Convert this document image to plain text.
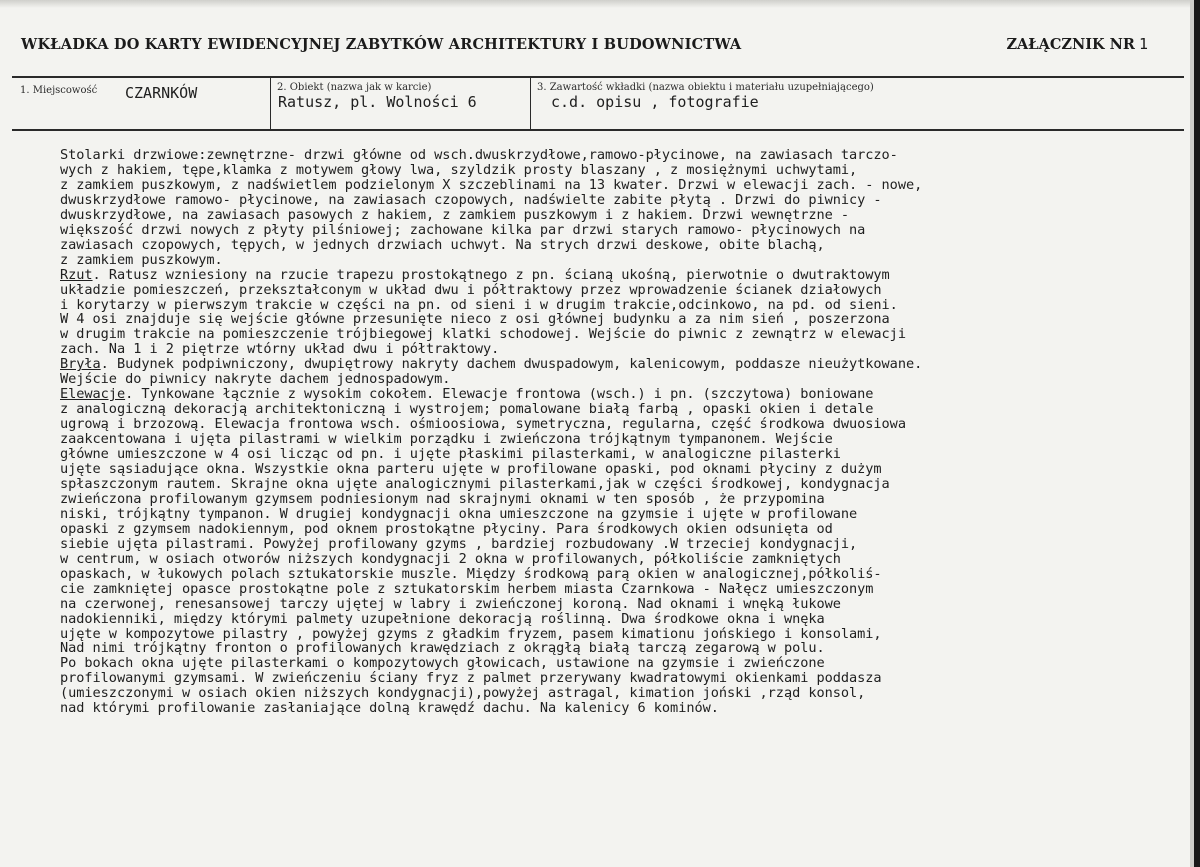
WKŁADKA DO KARTY EWIDENCYJNEJ ZABYTKÓW ARCHITEKTURY I BUDOWNICTWA	ZAŁĄCZNIK NR 1
1. Miejscowość CZARNKÓW	2. Obiekt (nazwa jak w karcie)
Ratusz, pl. Wolności 6
3. Zawartość wkładki (nazwa obiektu i materiału uzupełniającego)
c.d. opisu , fotografie
Stolarki drzwiowe:zewnętrzne- drzwi główne od wsch.dwuskrzydłowe,ramowo-płycinowe, na zawiasach tarczo-
wych z hakiem, tępe,klamka z motywem głowy lwa, szyldzik prosty blaszany , z mosiężnymi uchwytami,
z zamkiem puszkowym, z nadświetlem podzielonym X szczeblinami na 13 kwater. Drzwi w elewacji zach. - nowe,
dwuskrzydłowe ramowo- płycinowe, na zawiasach czopowych, nadświelte zabite płytą . Drzwi do piwnicy -
dwuskrzydłowe, na zawiasach pasowych z hakiem, z zamkiem puszkowym i z hakiem. Drzwi wewnętrzne -
większość drzwi nowych z płyty pilśniowej; zachowane kilka par drzwi starych ramowo- płycinowych na
zawiasach czopowych, tępych, w jednych drzwiach uchwyt. Na strych drzwi deskowe, obite blachą,
z zamkiem puszkowym.
Rzut. Ratusz wzniesiony na rzucie trapezu prostokątnego z pn. ścianą ukośną, pierwotnie o dwutraktowym
układzie pomieszczeń, przekształconym w układ dwu i półtraktowy przez wprowadzenie ścianek działowych
i korytarzy w pierwszym trakcie w części na pn. od sieni i w drugim trakcie,odcinkowo, na pd. od sieni.
W 4 osi znajduje się wejście główne przesunięte nieco z osi głównej budynku a za nim sień , poszerzona
w drugim trakcie na pomieszczenie trójbiegowej klatki schodowej. Wejście do piwnic z zewnątrz w elewacji
zach. Na 1 i 2 piętrze wtórny układ dwu i półtraktowy.
Bryła. Budynek podpiwniczony, dwupiętrowy nakryty dachem dwuspadowym, kalenicowym, poddasze nieużytkowane.
Wejście do piwnicy nakryte dachem jednospadowym.
Elewacje. Tynkowane łącznie z wysokim cokołem. Elewacje frontowa (wsch.) i pn. (szczytowa) boniowane
z analogiczną dekoracją architektoniczną i wystrojem; pomalowane białą farbą , opaski okien i detale
ugrową i brzozową. Elewacja frontowa wsch. ośmioosiowa, symetryczna, regularna, część środkowa dwuosiowa
zaakcentowana i ujęta pilastrami w wielkim porządku i zwieńczona trójkątnym tympanonem. Wejście
główne umieszczone w 4 osi licząc od pn. i ujęte płaskimi pilasterkami, w analogiczne pilasterki
ujęte sąsiadujące okna. Wszystkie okna parteru ujęte w profilowane opaski, pod oknami płyciny z dużym
spłaszczonym rautem. Skrajne okna ujęte analogicznymi pilasterkami,jak w części środkowej, kondygnacja
zwieńczona profilowanym gzymsem podniesionym nad skrajnymi oknami w ten sposób , że przypomina
niski, trójkątny tympanon. W drugiej kondygnacji okna umieszczone na gzymsie i ujęte w profilowane
opaski z gzymsem nadokiennym, pod oknem prostokątne płyciny. Para środkowych okien odsunięta od
siebie ujęta pilastrami. Powyżej profilowany gzyms , bardziej rozbudowany .W trzeciej kondygnacji,
w centrum, w osiach otworów niższych kondygnacji 2 okna w profilowanych, półkoliście zamkniętych
opaskach, w łukowych polach sztukatorskie muszle. Między środkową parą okien w analogicznej,półkoliś-
cie zamkniętej opasce prostokątne pole z sztukatorskim herbem miasta Czarnkowa - Nałęcz umieszczonym
na czerwonej, renesansowej tarczy ujętej w labry i zwieńczonej koroną. Nad oknami i wnęką łukowe
nadokienniki, między którymi palmety uzupełnione dekoracją roślinną. Dwa środkowe okna i wnęka
ujęte w kompozytowe pilastry , powyżej gzyms z gładkim fryzem, pasem kimationu jońskiego i konsolami,
Nad nimi trójkątny fronton o profilowanych krawędziach z okrągłą białą tarczą zegarową w polu.
Po bokach okna ujęte pilasterkami o kompozytowych głowicach, ustawione na gzymsie i zwieńczone
profilowanymi gzymsami. W zwieńczeniu ściany fryz z palmet przerywany kwadratowymi okienkami poddasza
(umieszczonymi w osiach okien niższych kondygnacji),powyżej astragal, kimation joński ,rząd konsol,
nad którymi profilowanie zasłaniające dolną krawędź dachu. Na kalenicy 6 kominów.
